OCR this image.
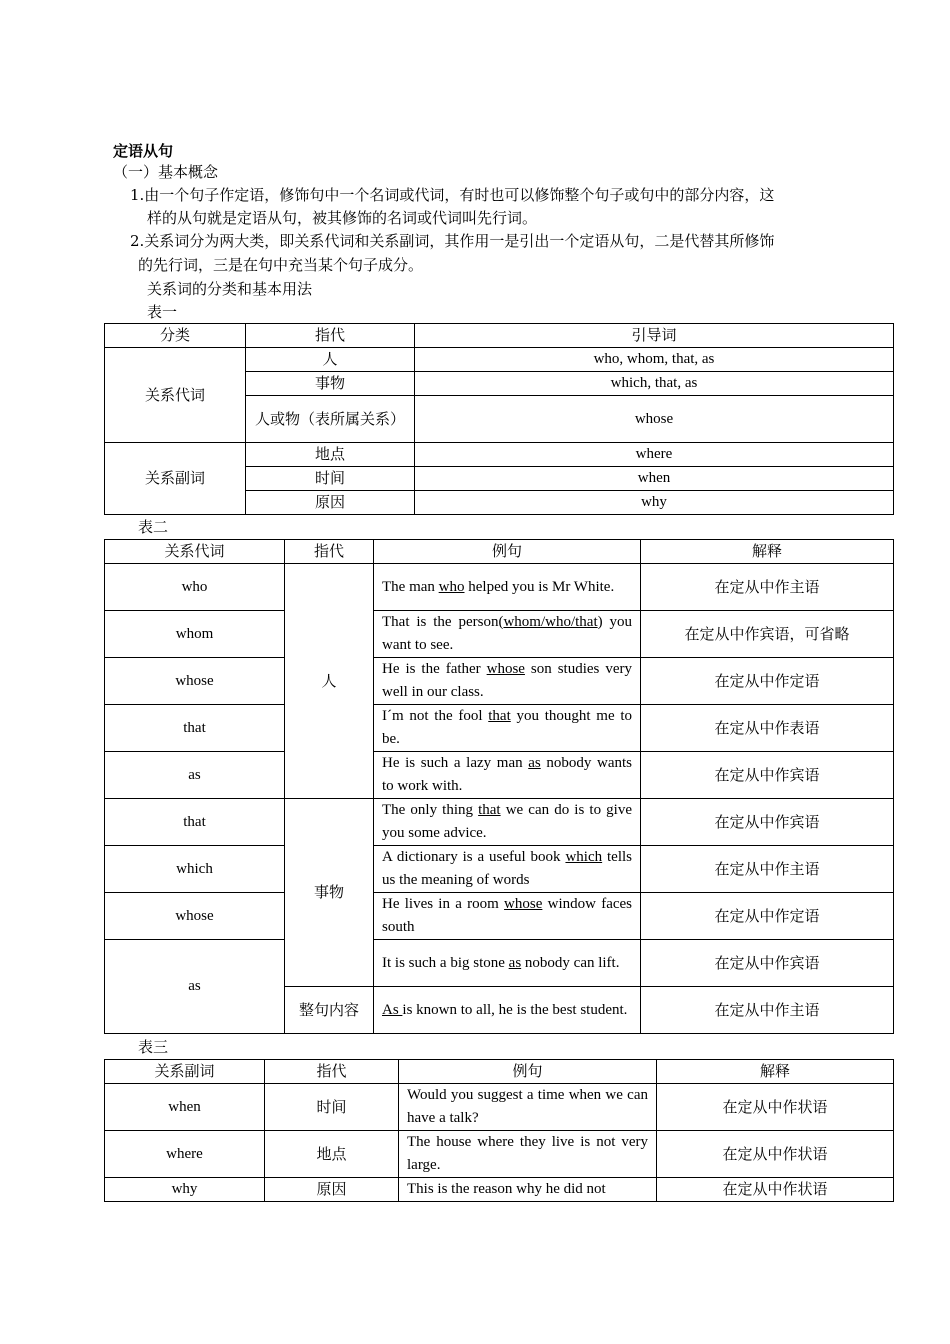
定语从句
（一）基本概念
1.由一个句子作定语，修饰句中一个名词或代词，有时也可以修饰整个句子或句中的部分内容，这
样的从句就是定语从句，被其修饰的名词或代词叫先行词。
2.关系词分为两大类，即关系代词和关系副词，其作用一是引出一个定语从句，二是代替其所修饰
的先行词，三是在句中充当某个句子成分。
关系词的分类和基本用法
表一
分类	指代	引导词
关系代词	人	who, whom, that, as
	事物	which, that, as
	人或物（表所属关系）	whose
关系副词	地点	where
	时间	when
	原因	why
表二
关系代词	指代	例句	解释
who	人	The man who helped you is Mr White.	在定从中作主语
whom		That is the person(whom/who/that) you want to see.	在定从中作宾语，可省略
whose		He is the father whose son studies very well in our class.	在定从中作定语
that		I´m not the fool that you thought me to be.	在定从中作表语
as		He is such a lazy man as nobody wants to work with.	在定从中作宾语
that	事物	The only thing that we can do is to give you some advice.	在定从中作宾语
which		A dictionary is a useful book which tells us the meaning of words	在定从中作主语
whose		He lives in a room whose window faces south	在定从中作定语
as		It is such a big stone as nobody can lift.	在定从中作宾语
	整句内容	As is known to all, he is the best student.	在定从中作主语
表三
关系副词	指代	例句	解释
when	时间	Would you suggest a time when we can have a talk?	在定从中作状语
where	地点	The house where they live is not very large.	在定从中作状语
why	原因	This is the reason why he did not	在定从中作状语
